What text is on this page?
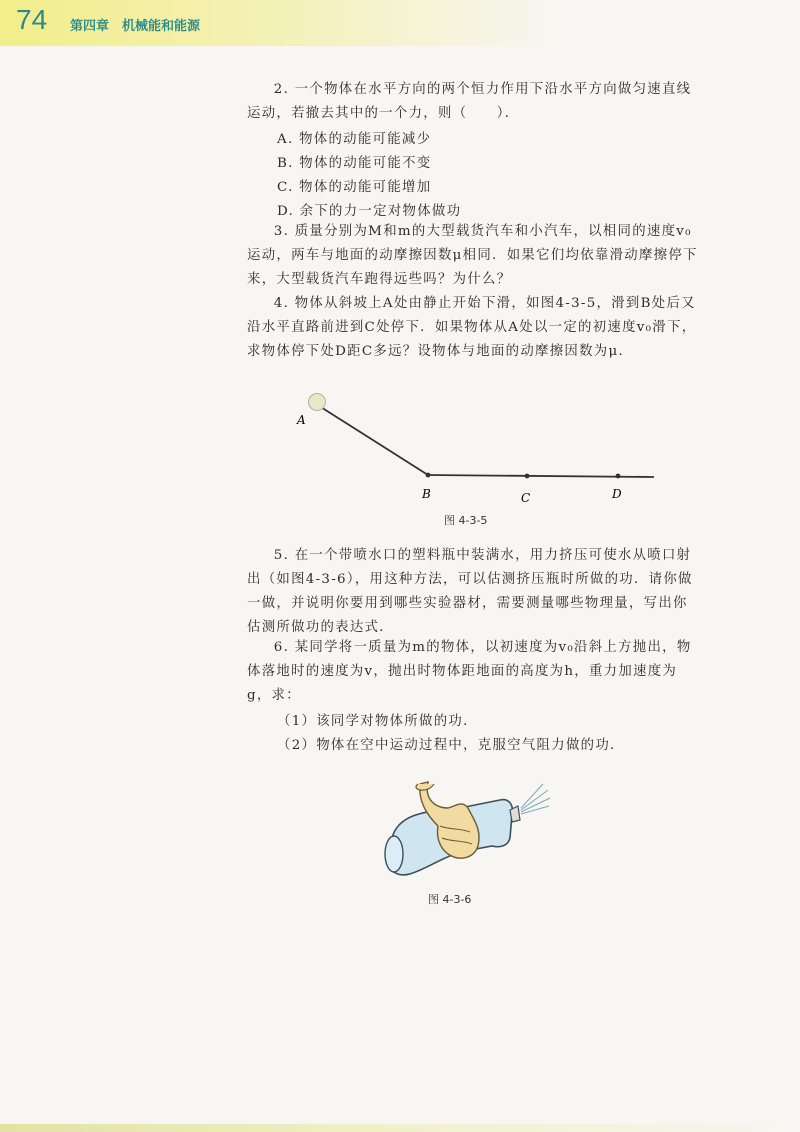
74 第四章　机械能和能源
2. 一个物体在水平方向的两个恒力作用下沿水平方向做匀速直线运动，若撤去其中的一个力，则（　　）．
A. 物体的动能可能减少
B. 物体的动能可能不变
C. 物体的动能可能增加
D. 余下的力一定对物体做功
3. 质量分别为M和m的大型载货汽车和小汽车，以相同的速度v₀运动，两车与地面的动摩擦因数μ相同．如果它们均依靠滑动摩擦停下来，大型载货汽车跑得远些吗？为什么？
4. 物体从斜坡上A处由静止开始下滑，如图4-3-5，滑到B处后又沿水平直路前进到C处停下．如果物体从A处以一定的初速度v₀滑下，求物体停下处D距C多远？设物体与地面的动摩擦因数为μ.
A
B	C	D
图 4-3-5
5. 在一个带喷水口的塑料瓶中装满水，用力挤压可使水从喷口射出（如图4-3-6），用这种方法，可以估测挤压瓶时所做的功．请你做一做，并说明你要用到哪些实验器材，需要测量哪些物理量，写出你估测所做功的表达式．
6. 某同学将一质量为m的物体，以初速度为v₀沿斜上方抛出，物体落地时的速度为v，抛出时物体距地面的高度为h，重力加速度为g，求：
（1）该同学对物体所做的功．
（2）物体在空中运动过程中，克服空气阻力做的功．
图 4-3-6
